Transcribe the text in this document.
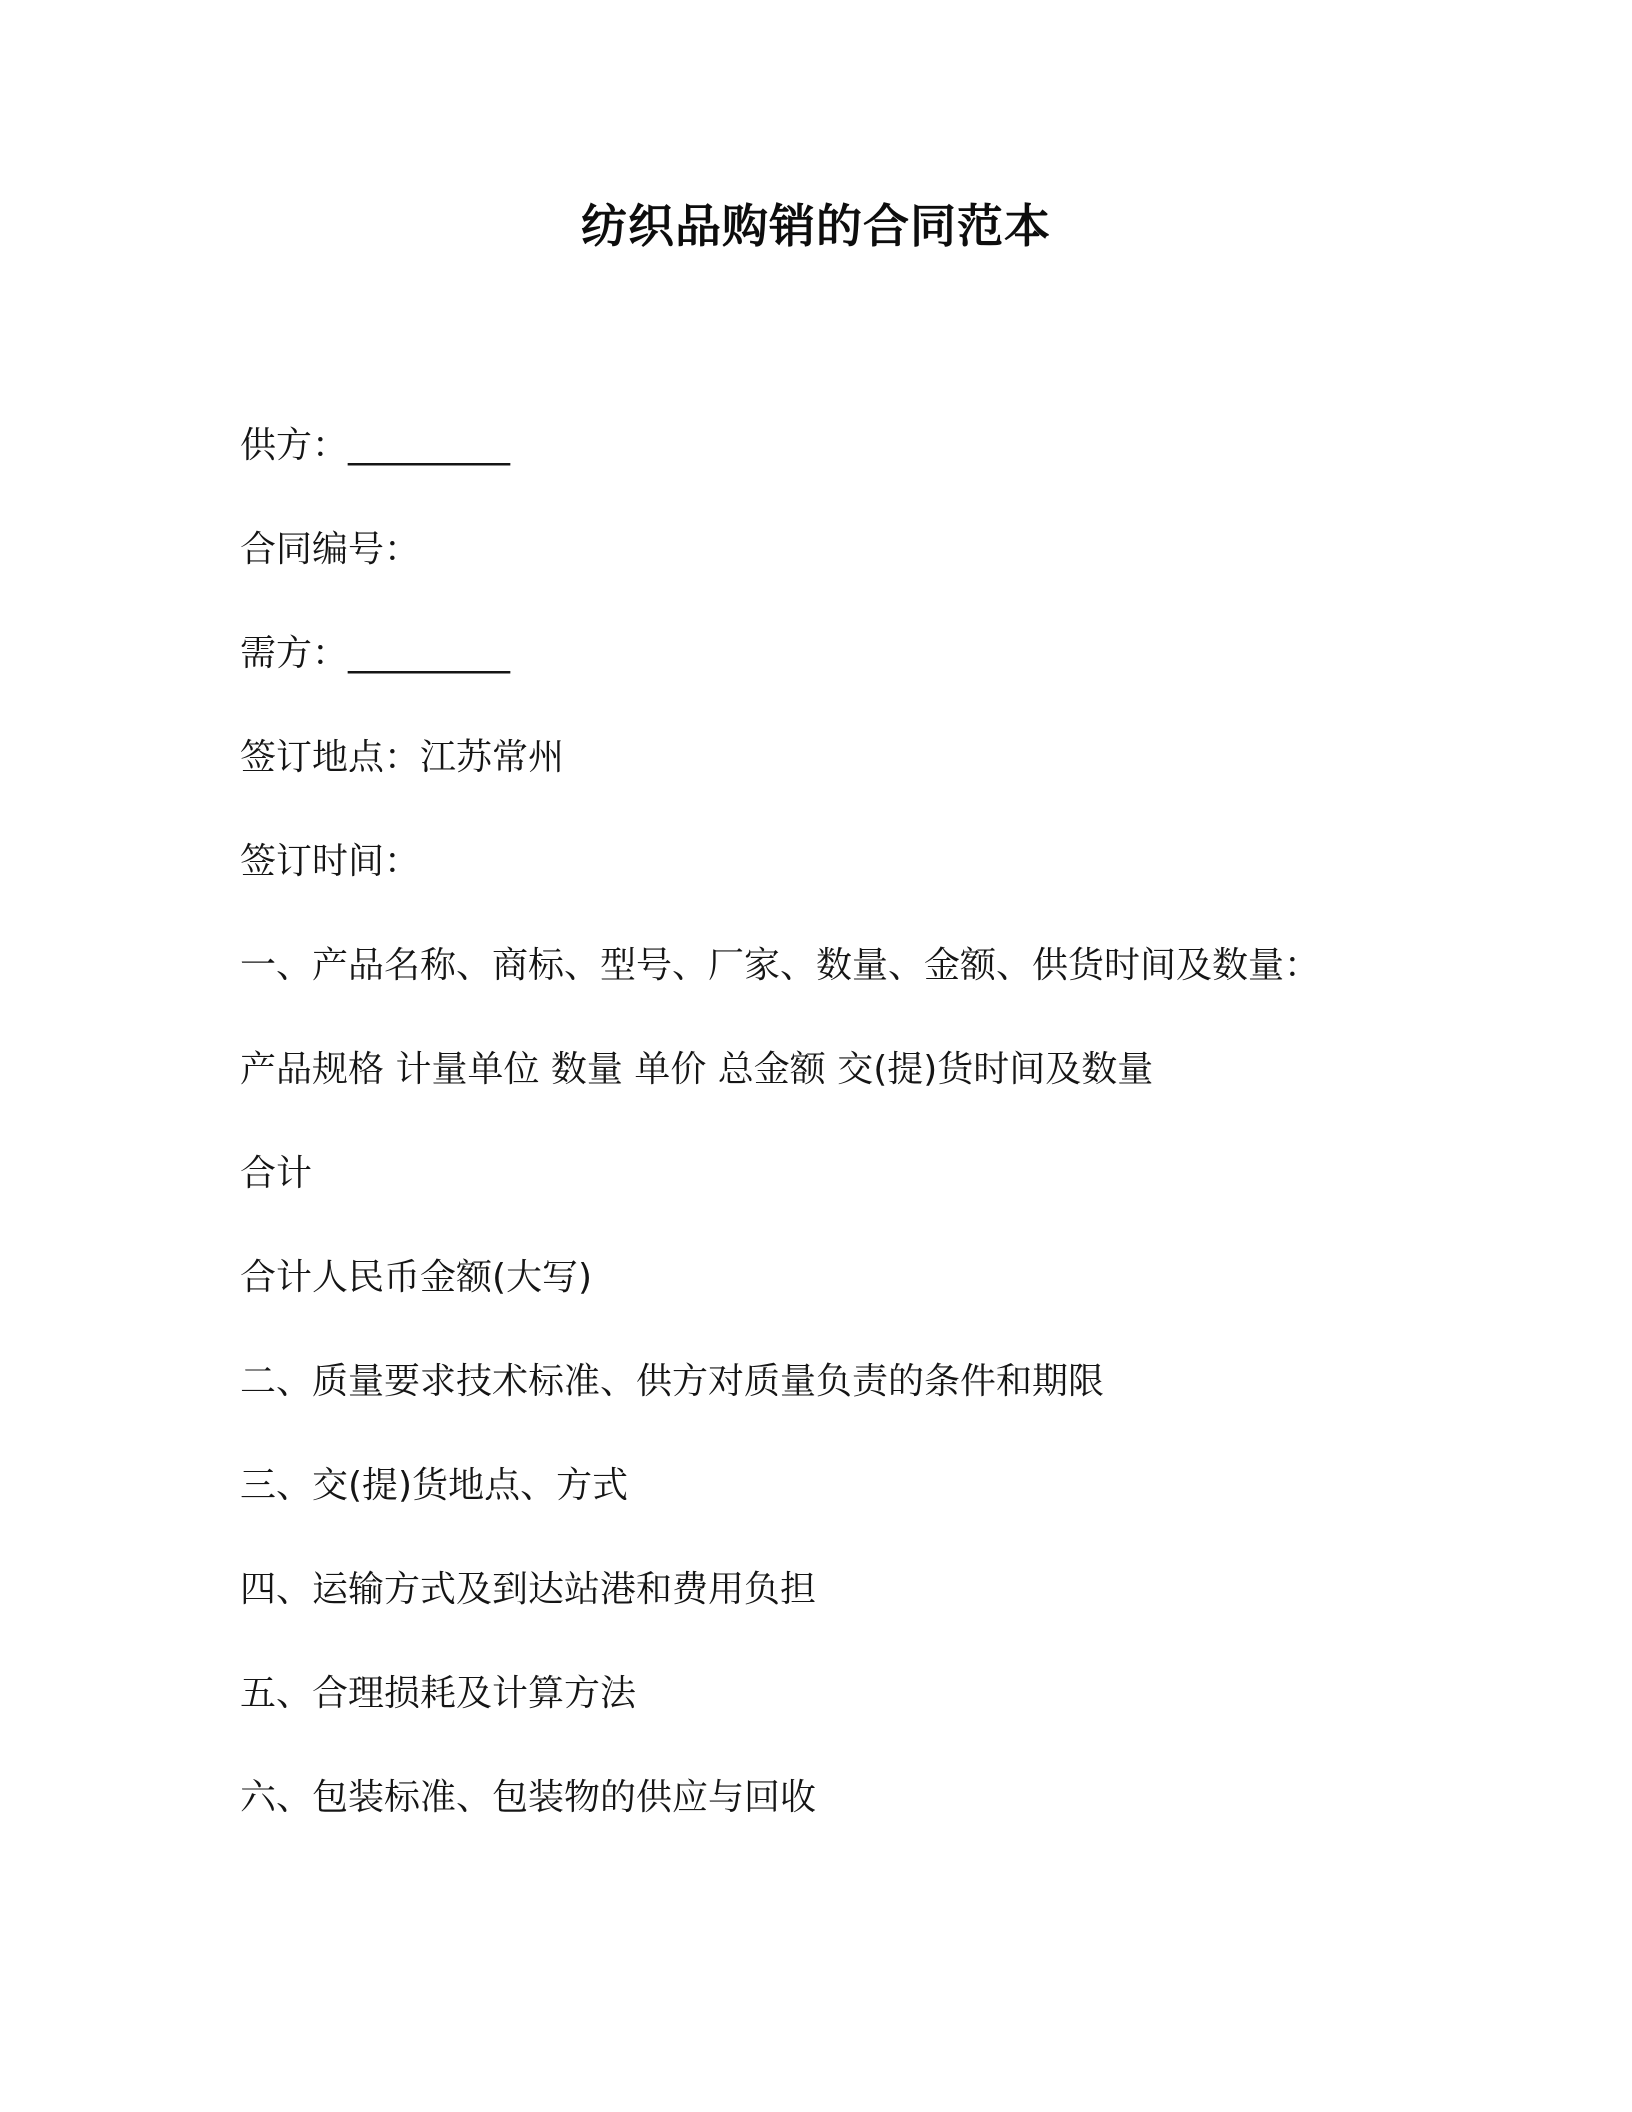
纺织品购销的合同范本
供方：_________
合同编号：
需方：_________
签订地点：江苏常州
签订时间：
一、产品名称、商标、型号、厂家、数量、金额、供货时间及数量：
产品规格 计量单位 数量 单价 总金额 交(提)货时间及数量
合计
合计人民币金额(大写)
二、质量要求技术标准、供方对质量负责的条件和期限
三、交(提)货地点、方式
四、运输方式及到达站港和费用负担
五、合理损耗及计算方法
六、包装标准、包装物的供应与回收
